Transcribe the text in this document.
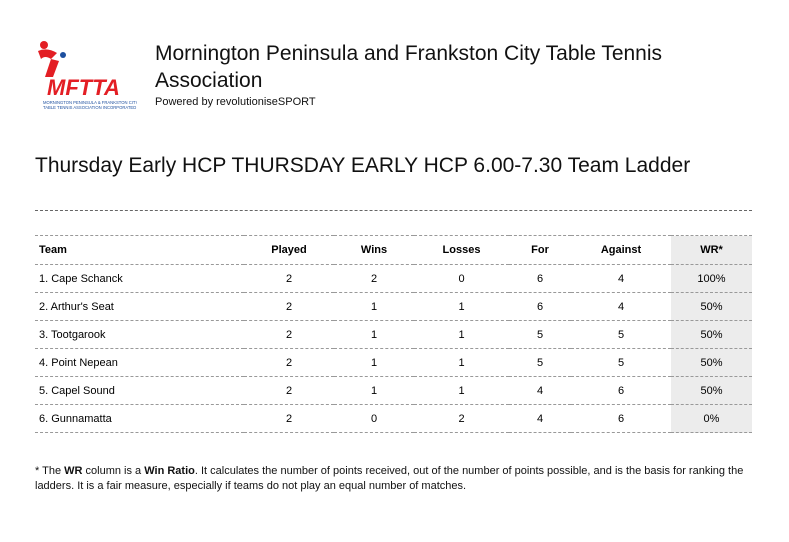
MFTTA
MORNINGTON PENINSULA & FRANKSTON CITY
TABLE TENNIS ASSOCIATION INCORPORATED
Mornington Peninsula and Frankston City Table Tennis Association
Powered by revolutioniseSPORT
Thursday Early HCP THURSDAY EARLY HCP 6.00-7.30 Team Ladder
Team	Played	Wins	Losses	For	Against	WR*
1. Cape Schanck	2	2	0	6	4	100%
2. Arthur's Seat	2	1	1	6	4	50%
3. Tootgarook	2	1	1	5	5	50%
4. Point Nepean	2	1	1	5	5	50%
5. Capel Sound	2	1	1	4	6	50%
6. Gunnamatta	2	0	2	4	6	0%
* The WR column is a Win Ratio. It calculates the number of points received, out of the number of points possible, and is the basis for ranking the ladders. It is a fair measure, especially if teams do not play an equal number of matches.
